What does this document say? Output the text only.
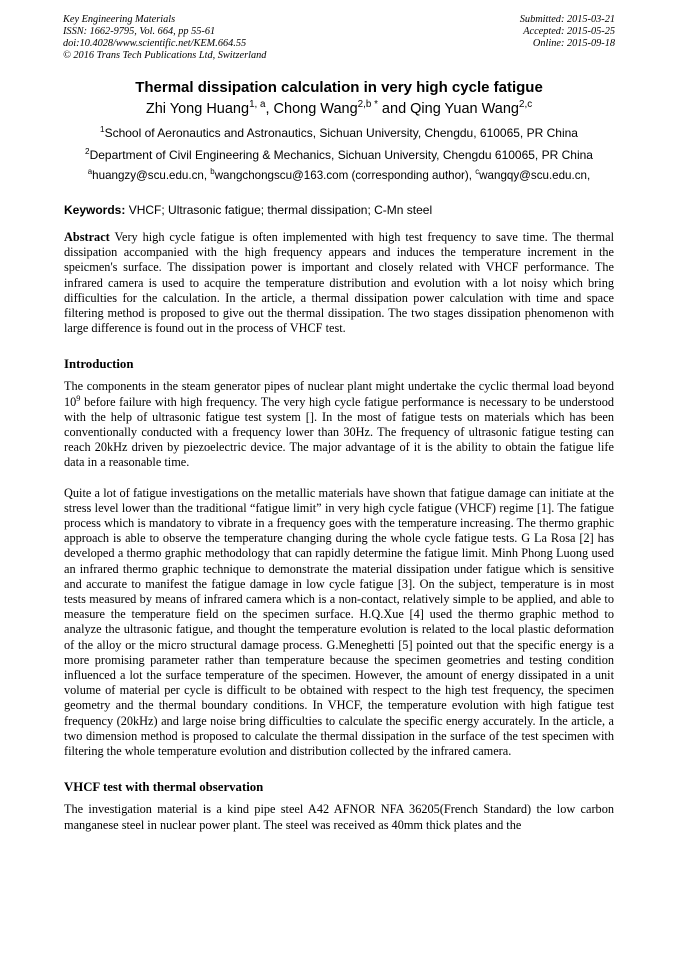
Key Engineering Materials
ISSN: 1662-9795, Vol. 664, pp 55-61
doi:10.4028/www.scientific.net/KEM.664.55
© 2016 Trans Tech Publications Ltd, Switzerland
Submitted: 2015-03-21
Accepted: 2015-05-25
Online: 2015-09-18
Thermal dissipation calculation in very high cycle fatigue
Zhi Yong Huang$^{1, a}$, Chong Wang$^{2,b *}$ and Qing Yuan Wang$^{2,c}$
$^1$School of Aeronautics and Astronautics, Sichuan University, Chengdu, 610065, PR China
$^2$Department of Civil Engineering & Mechanics, Sichuan University, Chengdu 610065, PR China
$^a$huangzy@scu.edu.cn, $^b$wangchongscu@163.com (corresponding author), $^c$wangqy@scu.edu.cn,
Keywords: VHCF; Ultrasonic fatigue; thermal dissipation; C-Mn steel

Abstract Very high cycle fatigue is often implemented with high test frequency to save time. The thermal dissipation accompanied with the high frequency appears and induces the temperature increment in the speicmen's surface. The dissipation power is important and closely related with VHCF performance. The infrared camera is used to acquire the temperature distribution and evolution with a lot noisy which bring difficulties for the calculation. In the article, a thermal dissipation power calculation with time and space filtering method is proposed to give out the thermal dissipation. The two stages dissipation phenomenon with large difference is found out in the process of VHCF test.

Introduction

The components in the steam generator pipes of nuclear plant might undertake the cyclic thermal load beyond $10^9$ before failure with high frequency. The very high cycle fatigue performance is necessary to be understood with the help of ultrasonic fatigue test system []. In the most of fatigue tests on materials which has been conventionally conducted with a frequency lower than 30Hz. The frequency of ultrasonic fatigue testing can reach 20kHz driven by piezoelectric device. The major advantage of it is the ability to obtain the fatigue life data in a reasonable time.

Quite a lot of fatigue investigations on the metallic materials have shown that fatigue damage can initiate at the stress level lower than the traditional “fatigue limit” in very high cycle fatigue (VHCF) regime [1]. The fatigue process which is mandatory to vibrate in a frequency goes with the temperature increasing. The thermo graphic approach is able to observe the temperature changing during the whole cycle fatigue tests. G La Rosa [2] has developed a thermo graphic methodology that can rapidly determine the fatigue limit. Minh Phong Luong used an infrared thermo graphic technique to demonstrate the material dissipation under fatigue which is sensitive and accurate to manifest the fatigue damage in low cycle fatigue [3]. On the subject, temperature is in most tests measured by means of infrared camera which is a non-contact, relatively simple to be applied, and able to measure the temperature field on the specimen surface. H.Q.Xue [4] used the thermo graphic method to analyze the ultrasonic fatigue, and thought the temperature evolution is related to the local plastic deformation of the alloy or the micro structural damage process. G.Meneghetti [5] pointed out that the specific energy is a more promising parameter rather than temperature because the specimen geometries and testing condition influenced a lot the surface temperature of the specimen. However, the amount of energy dissipated in a unit volume of material per cycle is difficult to be obtained with respect to the high test frequency, the specimen geometry and the thermal boundary conditions. In VHCF, the temperature evolution with high fatigue test frequency (20kHz) and large noise bring difficulties to calculate the specific energy accurately. In the article, a two dimension method is proposed to calculate the thermal dissipation in the surface of the test specimen with filtering the whole temperature evolution and distribution collected by the infrared camera.

VHCF test with thermal observation

The investigation material is a kind pipe steel A42 AFNOR NFA 36205(French Standard) the low carbon manganese steel in nuclear power plant. The steel was received as 40mm thick plates and the
